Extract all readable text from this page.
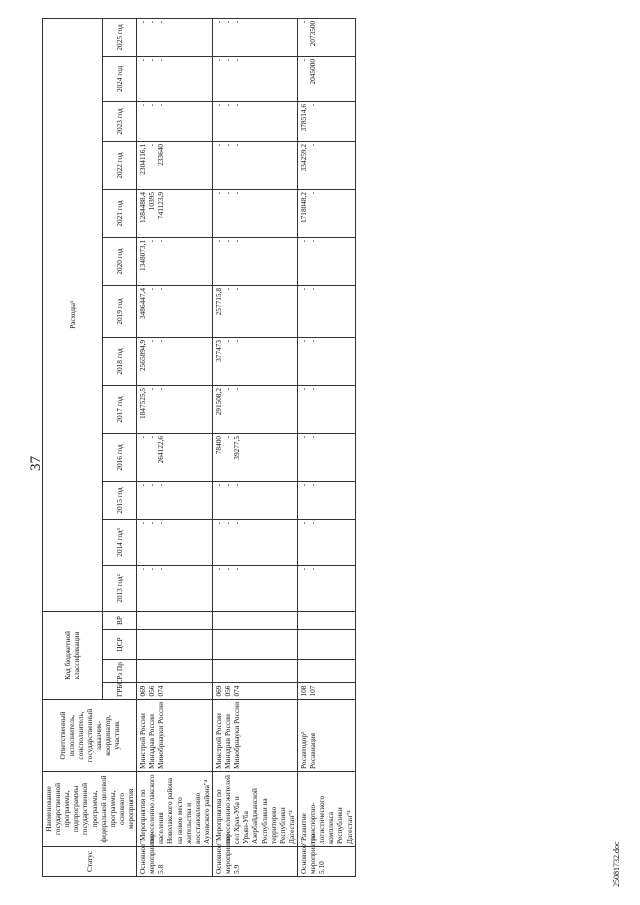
37
Статус	Наименование государственной программы, подпрограммы государственной программы, федеральной целевой программы, основного мероприятия	Ответственный исполнитель, соисполнитель, государственный заказчик-координатор, участник	Код бюджетной классификации				Расходы¹												
			ГРБС	Рз Пр	ЦСР	ВР	2013 год²	2014 год³	2015 год	2016 год	2017 год	2018 год	2019 год	2020 год	2021 год	2022 год	2023 год	2024 год	2025 год
Основное мероприятие 5.8	"Мероприятия по переселению лакского населения Новолакского района на новое место жительства и восстановлению Ауховского района"⁴	Минстрой России Минздрав России Минобрнауки России	069 056 074				- - -	- - -	- - -	- - 264122,6	1847525,5 - -	2565894,9 - -	3486447,4 - -	1348073,1 - -	1284488,4 10395 741123,9	2304116,1 - 233640	- - -	- - -	- - -

Основное мероприятие 5.9	"Мероприятия по переселению жителей сел Храх-Уба и Урьян-Уба Азербайджанской Республики на территорию Республики Дагестан"⁴	Минстрой России Минздрав России Минобрнауки России	069 056 074				- - -	- - -	- - -	78400 - 39277,5	291508,2 - -	377473 - -	257715,8 - -	- - -	- - -	- - -	- - -	- - -	- - -

Основное мероприятие 5.10	"Развитие транспортно-логистического комплекса Республики Дагестан"⁴	Росавтодор⁵ Росавиация	108 107				- -	- -	- -	- -	- -	- -	- -	- -	1718048,2 -	334259,2 -	378514,6 -	- 2045000	- 2073500
25081732.doc
